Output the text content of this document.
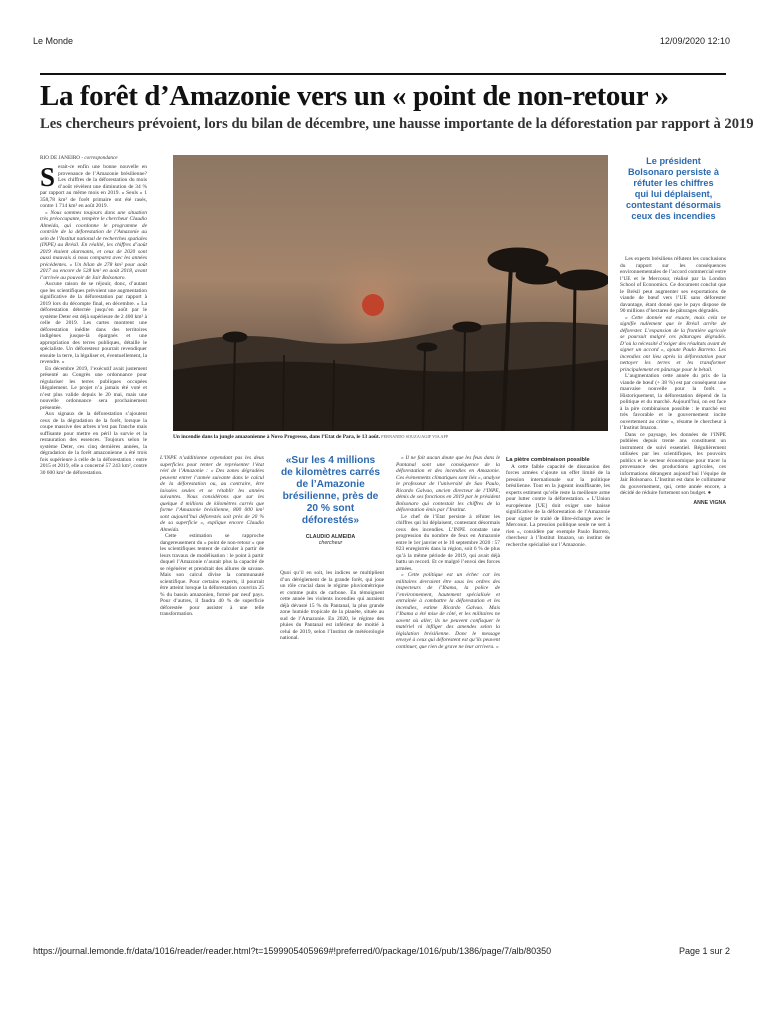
Le Monde	12/09/2020 12:10
La forêt d’Amazonie vers un « point de non-retour »
Les chercheurs prévoient, lors du bilan de décembre, une hausse importante de la déforestation par rapport à 2019
RIO DE JANEIRO - correspondance
S erait-ce enfin une bonne nouvelle en provenance de l’Amazonie brésilienne? Les chiffres de la déforestation du mois d’août révèlent une diminution de 34 % par rapport au même mois en 2019. « Seuls » 1 358,78 km² de forêt primaire ont été rasés, contre 1 714 km² en août 2019.

« Nous sommes toujours dans une situation très préoccupante, tempère le chercheur Claudio Almeida, qui coordonne le programme de contrôle de la déforestation de l’Amazonie au sein de l’Institut national de recherches spatiales (INPE) au Brésil. En réalité, les chiffres d’août 2019 étaient alarmants, et ceux de 2020 sont aussi mauvais si nous comparez avec les années précédentes. » Un bilan de 278 km² pour août 2017 ou encore de 528 km² en août 2018, avant l’arrivée au pouvoir de Jair Bolsonaro.

Aucune raison de se réjouir, donc, d’autant que les scientifiques prévoient une augmentation significative de la déforestation par rapport à 2019 lors du décompte final, en décembre. « La déforestation détectée jusqu’en août par le système Deter est déjà supérieure de 2 400 km² à celle de 2019. Les cartes montrent une déforestation inédite dans des territoires indigènes jusque-là épargnés et une appropriation des terres publiques, détaille le spécialiste. Un déforesteur pourrait revendiquer ensuite la terre, la légaliser et, éventuellement, la revendre. »

En décembre 2019, l’exécutif avait justement présenté au Congrès une ordonnance pour régulariser les terres publiques occupées illégalement. Le projet n’a jamais été voté et n’est plus valide depuis le 20 mai, mais une nouvelle ordonnance sera prochainement présentée.

Aux signaux de la déforestation s’ajoutent ceux de la dégradation de la forêt, lorsque la coupe massive des arbres n’est pas franche mais suffisante pour mettre en péril la survie et la restauration des essences. Toujours selon le système Deter, ces cinq dernières années, la dégradation de la forêt amazonienne a été trois fois supérieure à celle de la déforestation : entre 2015 et 2019, elle a concerné 57 243 km², contre 30 600 km² de déforestation.

Un incendie dans la jungle amazonienne à Novo Progresso, dans l’Etat de Para, le 13 août. FERNANDO SOUZA/AGIF VIA AFP
Le président Bolsonaro persiste à réfuter les chiffres qui lui déplaisent, contestant désormais ceux des incendies

L’INPE n’additionne cependant pas les deux superficies pour tenter de représenter l’état réel de l’Amazonie : « Des zones dégradées peuvent entrer l’année suivante dans le calcul de la déforestation ou, au contraire, être laissées seules et se rétablir les années suivantes. Nous considérons que sur les quelque 4 millions de kilomètres carrés que forme l’Amazonie brésilienne, 800 000 km² sont aujourd’hui déforestés soit près de 20 % de sa superficie », explique encore Claudio Almeida.

Cette estimation se rapproche dangereusement du « point de non-retour » que les scientifiques tentent de calculer à partir de leurs travaux de modélisation : le point à partir duquel l’Amazonie n’aurait plus la capacité de se régénérer et prendrait des allures de savane. Mais son calcul divise la communauté scientifique. Pour certains experts, il pourrait être atteint lorsque la déforestation couvrira 25 % du bassin amazonien, formé par neuf pays. Pour d’autres, il faudra 40 % de superficie déforestée pour assister à une telle transformation.

«Sur les 4 millions de kilomètres carrés de l’Amazonie brésilienne, près de 20 % sont déforestés»
CLAUDIO ALMEIDA
chercheur

Quoi qu’il en soit, les indices se multiplient d’un dérèglement de la grande forêt, qui joue un rôle crucial dans le régime pluviométrique et comme puits de carbone. En témoignent cette année les violents incendies qui auraient déjà dévasté 15 % du Pantanal, la plus grande zone humide tropicale de la planète, située au sud de l’Amazonie. En 2020, le régime des pluies du Pantanal est inférieur de moitié à celui de 2019, selon l’Institut de météorologie national.

« Il ne fait aucun doute que les feux dans le Pantanal sont une conséquence de la déforestation et des incendies en Amazonie. Ces évènements climatiques sont liés », analyse le professeur de l’université de Sao Paulo, Ricardo Galvao, ancien directeur de l’INPE, démis de ses fonctions en 2019 par le président Bolsonaro qui contestait les chiffres de la déforestation émis par l’Institut.

Le chef de l’Etat persiste à réfuter les chiffres qui lui déplaisent, contestant désormais ceux des incendies. L’INPE constate une progression du nombre de feux en Amazonie entre le 1er janvier et le 10 septembre 2020 : 57 823 enregistrés dans la région, soit 6 % de plus qu’à la même période de 2019, qui avait déjà battu un record. Et ce malgré l’envoi des forces armées.

« Cette politique est un échec car les militaires devraient être sous les ordres des inspecteurs de l’Ibama, la police de l’environnement, hautement spécialisée et entraînée à combattre la déforestation et les incendies, estime Ricardo Galvao. Mais l’Ibama a été mise de côté, et les militaires ne savent où aller, ils ne peuvent confisquer le matériel ni infliger des amendes selon la législation brésilienne. Donc le message envoyé à ceux qui déforestent est qu’ils peuvent continuer, que rien de grave ne leur arrivera. »

La piètre combinaison possible

A cette faible capacité de dissuasion des forces armées s’ajoute un effet limité de la pression internationale sur la politique brésilienne. Tout en la jugeant insuffisante, les experts estiment qu’elle reste la meilleure arme pour lutter contre la déforestation. « L’Union européenne [UE] doit exiger une baisse significative de la déforestation de l’Amazonie pour signer le traité de libre-échange avec le Mercosur. La pression politique seule ne sert à rien », considère par exemple Paulo Barreto, chercheur à l’Institut Imazon, un institut de recherche spécialisé sur l’Amazonie.

Les experts brésiliens réfutent les conclusions du rapport sur les conséquences environnementales de l’accord commercial entre l’UE et le Mercosur, réalisé par la London School of Economics. Ce document conclut que le Brésil peut augmenter ses exportations de viande de bœuf vers l’UE sans déforester davantage, étant donné que le pays dispose de 90 millions d’hectares de pâturages dégradés.

« Cette donnée est exacte, mais cela ne signifie nullement que le Brésil arrête de déforester. L’expansion de la frontière agricole se poursuit malgré ces pâturages dégradés. D’où la nécessité d’exiger des résultats avant de signer un accord », ajoute Paulo Barreto. Les incendies ont lieu après la déforestation pour nettoyer les terres et les transformer principalement en pâturage pour le bétail.

L’augmentation cette année du prix de la viande de bœuf (+ 38 %) est par conséquent une mauvaise nouvelle pour la forêt. « Historiquement, la déforestation dépend de la politique et du marché. Aujourd’hui, on est face à la pire combinaison possible : le marché est très favorable et le gouvernement incite ouvertement au crime », résume le chercheur à l’Institut Imazon.

Dans ce paysage, les données de l’INPE publiées depuis trente ans constituent un instrument de suivi essentiel. Régulièrement utilisées par les scientifiques, les pouvoirs publics et le secteur économique pour tracer la provenance des productions agricoles, ces informations dérangent aujourd’hui l’équipe de Jair Bolsonaro. L’Institut est dans le collimateur du gouvernement, qui, cette année encore, a décidé de réduire fortement son budget. ●

ANNE VIGNA
https://journal.lemonde.fr/data/1016/reader/reader.html?t=1599905405969#!preferred/0/package/1016/pub/1386/page/7/alb/80350	Page 1 sur 2
